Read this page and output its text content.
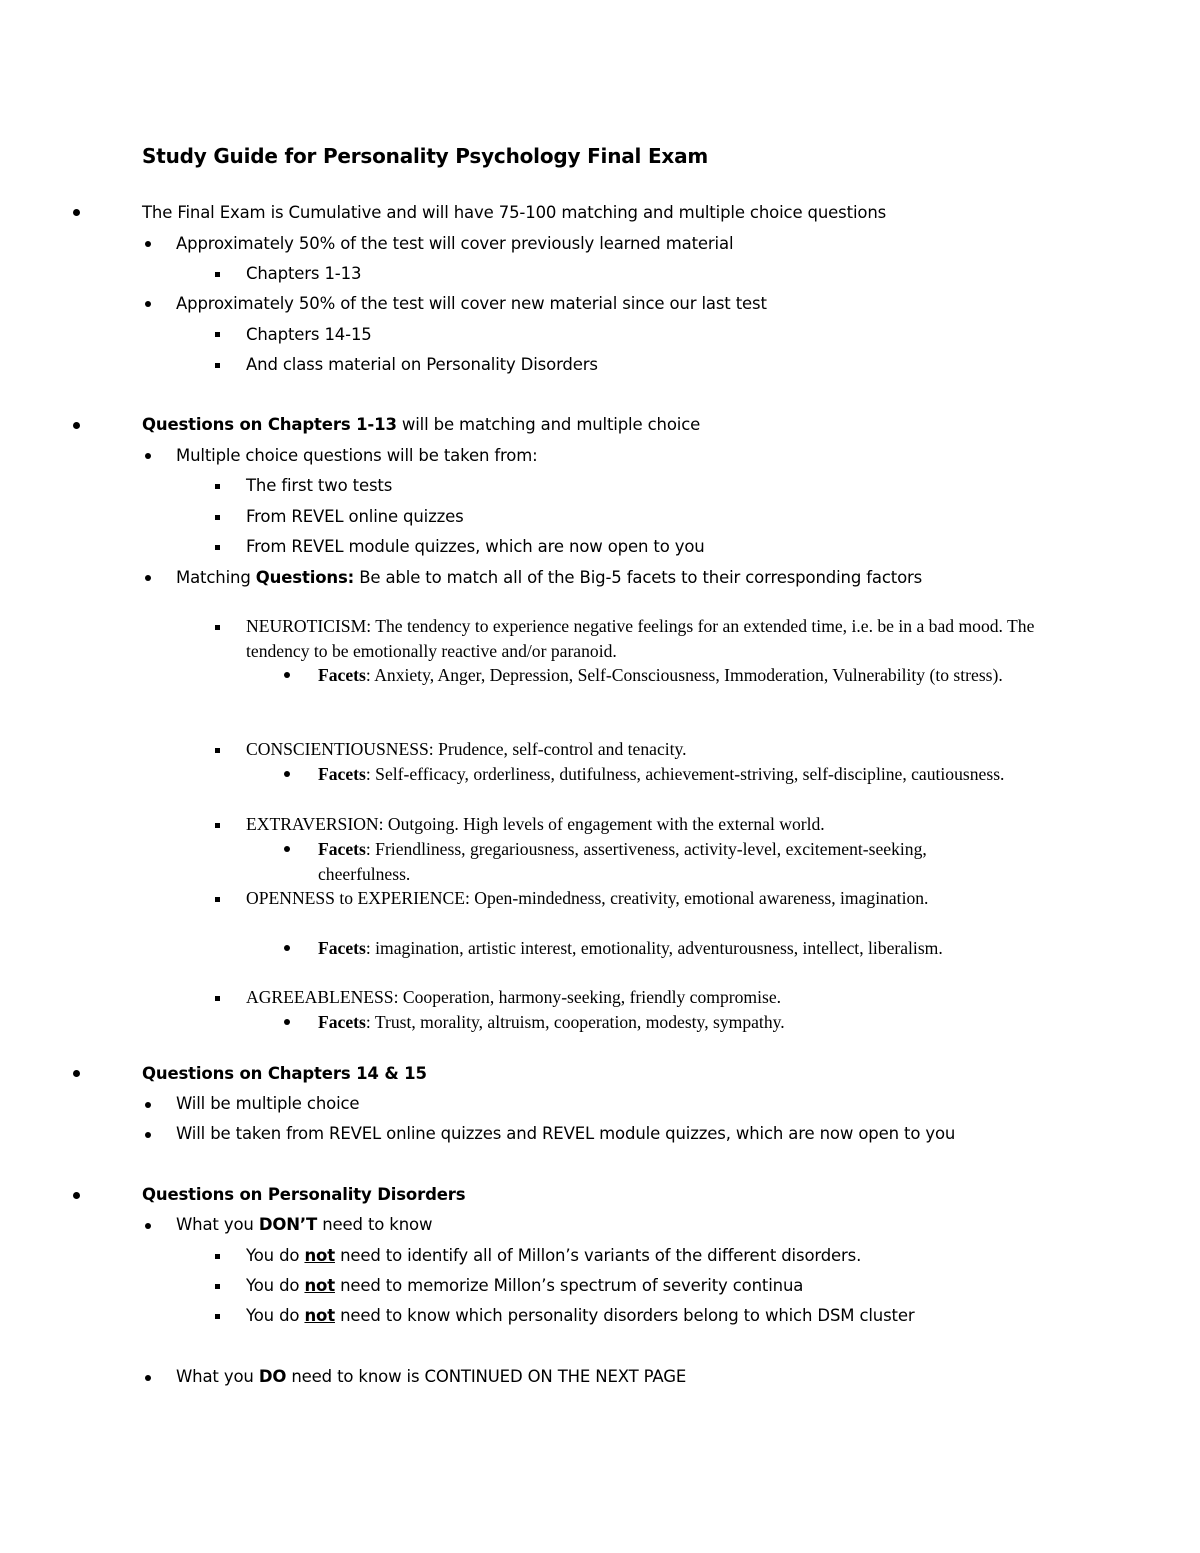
Study Guide for Personality Psychology Final Exam
The Final Exam is Cumulative and will have 75-100 matching and multiple choice questions
Approximately 50% of the test will cover previously learned material
Chapters 1-13
Approximately 50% of the test will cover new material since our last test
Chapters 14-15
And class material on Personality Disorders
Questions on Chapters 1-13 will be matching and multiple choice
Multiple choice questions will be taken from:
The first two tests
From REVEL online quizzes
From REVEL module quizzes, which are now open to you
Matching Questions: Be able to match all of the Big-5 facets to their corresponding factors
NEUROTICISM: The tendency to experience negative feelings for an extended time, i.e. be in a bad mood. The tendency to be emotionally reactive and/or paranoid.
Facets: Anxiety, Anger, Depression, Self-Consciousness, Immoderation, Vulnerability (to stress).
CONSCIENTIOUSNESS: Prudence, self-control and tenacity.
Facets: Self-efficacy, orderliness, dutifulness, achievement-striving, self-discipline, cautiousness.
EXTRAVERSION: Outgoing. High levels of engagement with the external world.
Facets: Friendliness, gregariousness, assertiveness, activity-level, excitement-seeking, cheerfulness.
OPENNESS to EXPERIENCE: Open-mindedness, creativity, emotional awareness, imagination.
Facets: imagination, artistic interest, emotionality, adventurousness, intellect, liberalism.
AGREEABLENESS: Cooperation, harmony-seeking, friendly compromise.
Facets: Trust, morality, altruism, cooperation, modesty, sympathy.
Questions on Chapters 14 & 15
Will be multiple choice
Will be taken from REVEL online quizzes and REVEL module quizzes, which are now open to you
Questions on Personality Disorders
What you DON’T need to know
You do not need to identify all of Millon’s variants of the different disorders.
You do not need to memorize Millon’s spectrum of severity continua
You do not need to know which personality disorders belong to which DSM cluster
What you DO need to know is CONTINUED ON THE NEXT PAGE
